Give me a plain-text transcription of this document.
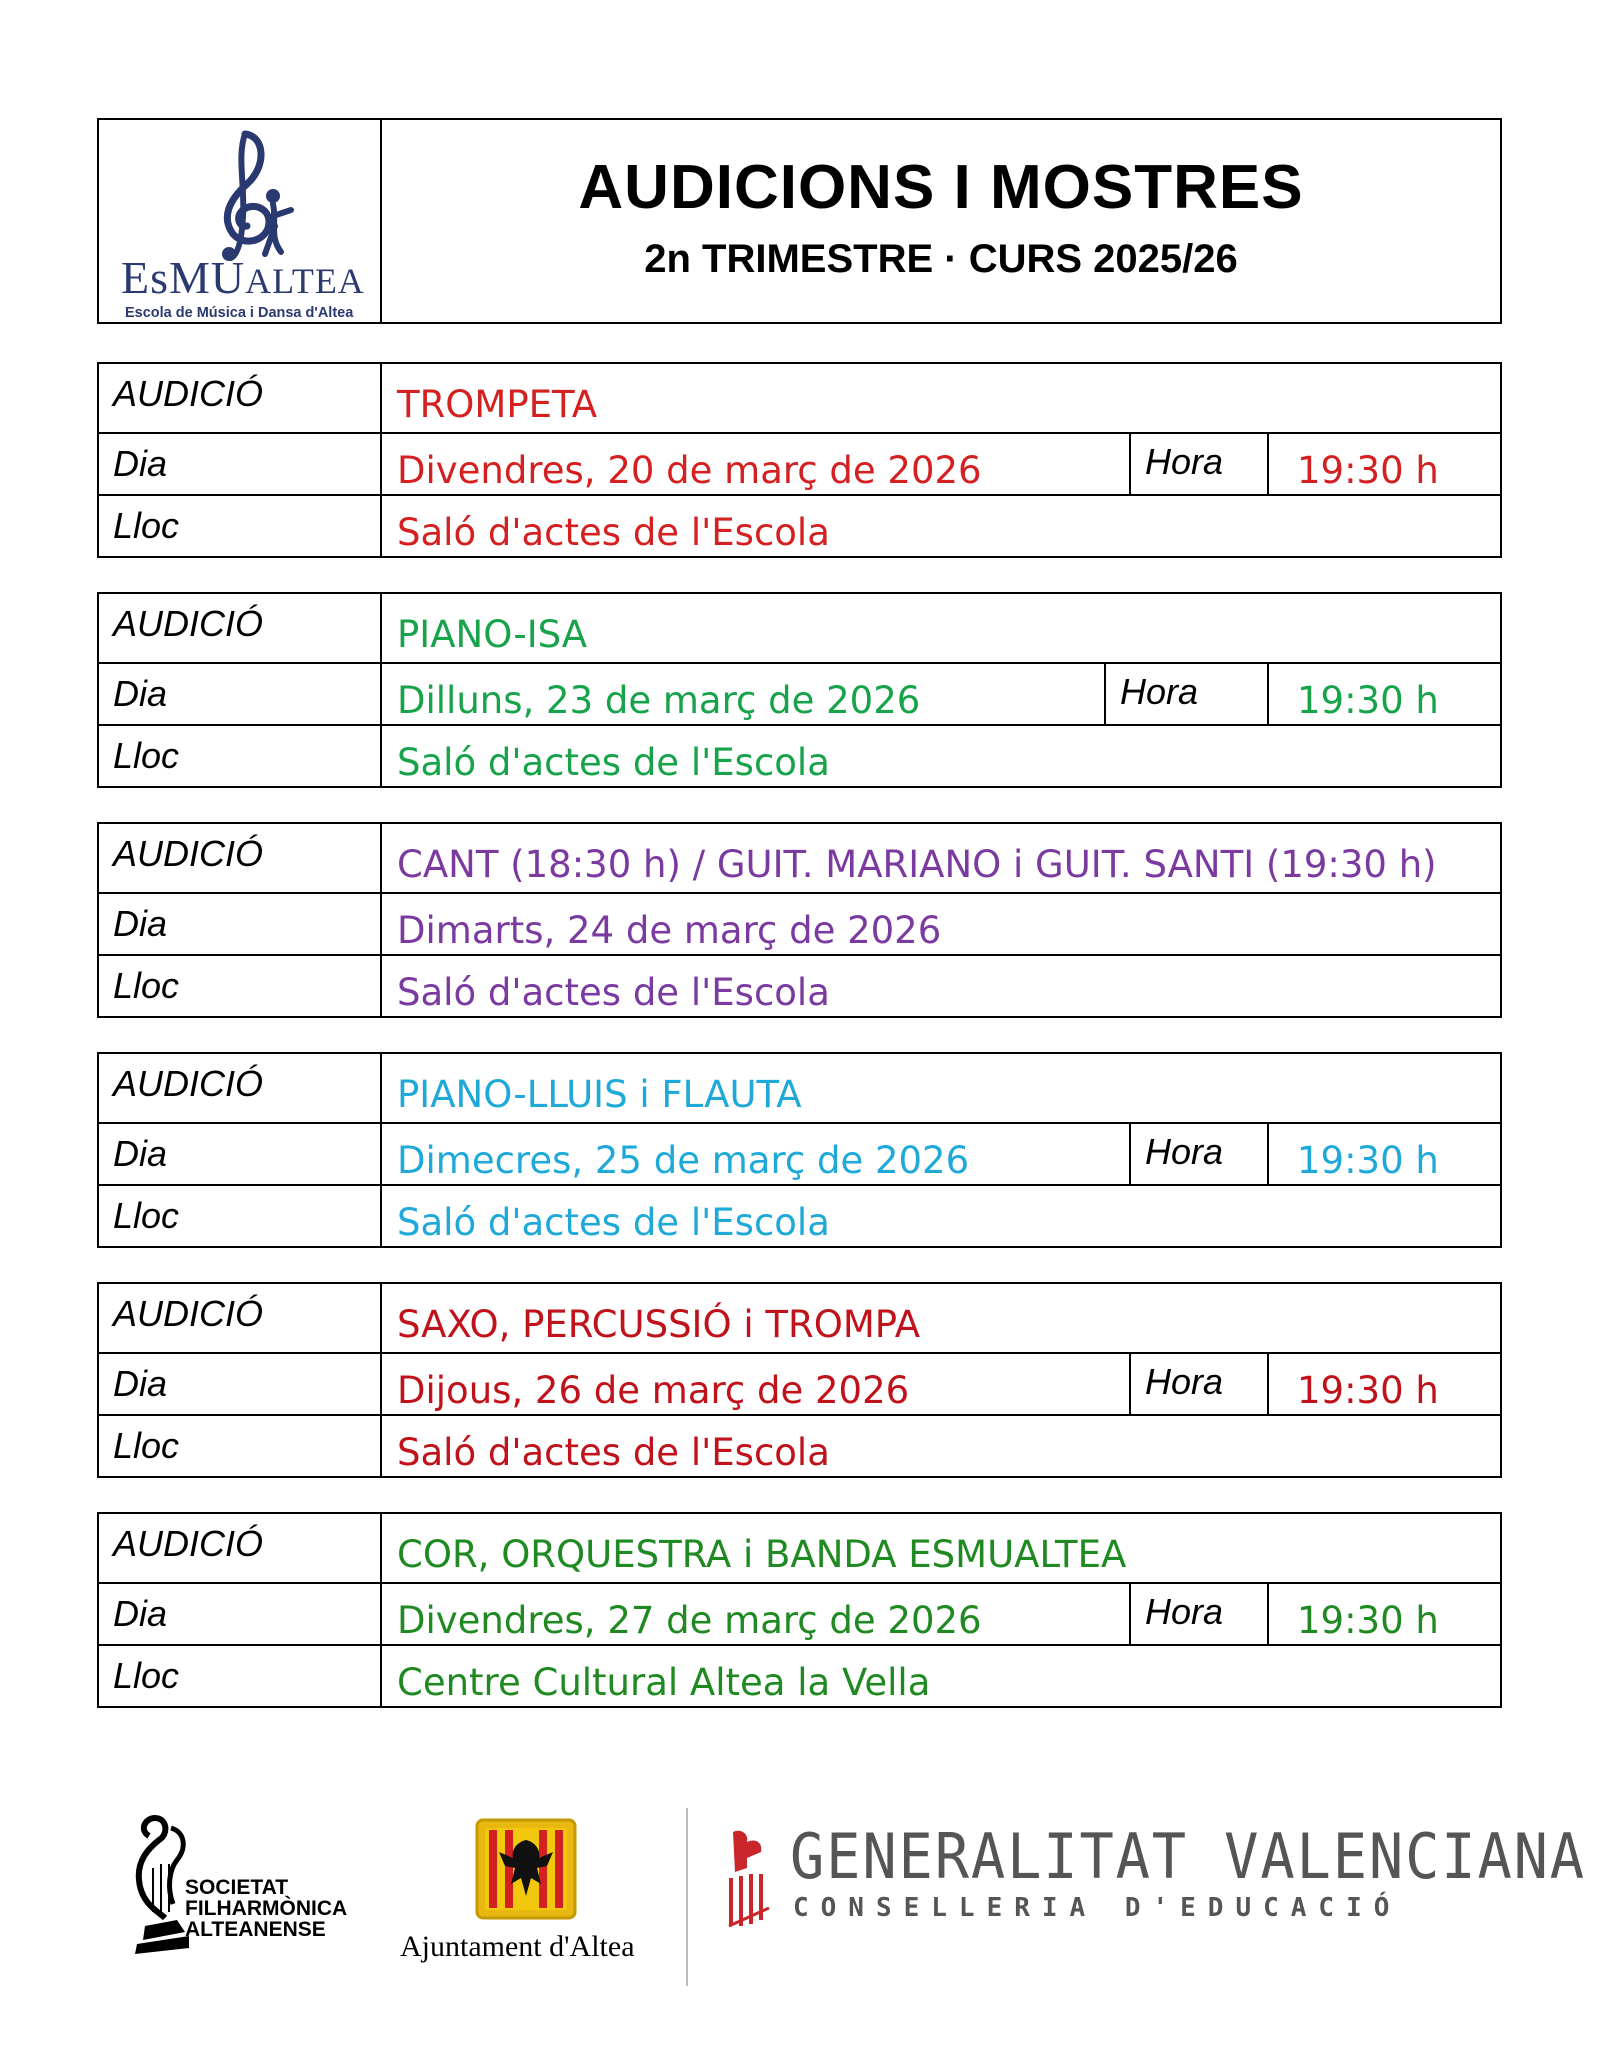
EsMUALTEA
Escola de Música i Dansa d'Altea
AUDICIONS I MOSTRES
2n TRIMESTRE · CURS 2025/26
AUDICIÓ	TROMPETA
Dia	Divendres, 20 de març de 2026	Hora 19:30 h
Lloc	Saló d'actes de l'Escola
AUDICIÓ	PIANO-ISA
Dia	Dilluns, 23 de març de 2026	Hora	19:30 h
Lloc	Saló d'actes de l'Escola
AUDICIÓ	CANT (18:30 h) / GUIT. MARIANO i GUIT. SANTI (19:30 h)
Dia	Dimarts, 24 de març de 2026
Lloc	Saló d'actes de l'Escola
AUDICIÓ	PIANO-LLUIS i FLAUTA
Dia	Dimecres, 25 de març de 2026	Hora 19:30 h
Lloc	Saló d'actes de l'Escola
AUDICIÓ	SAXO, PERCUSSIÓ i TROMPA
Dia	Dijous, 26 de març de 2026	Hora 19:30 h
Lloc	Saló d'actes de l'Escola
AUDICIÓ	COR, ORQUESTRA i BANDA ESMUALTEA
Dia	Divendres, 27 de març de 2026	Hora 19:30 h
Lloc	Centre Cultural Altea la Vella
SOCIETAT
FILHARMÒNICA
ALTEANENSE
Ajuntament d'Altea
GENERALITAT VALENCIANA
CONSELLERIA D'EDUCACIÓ
